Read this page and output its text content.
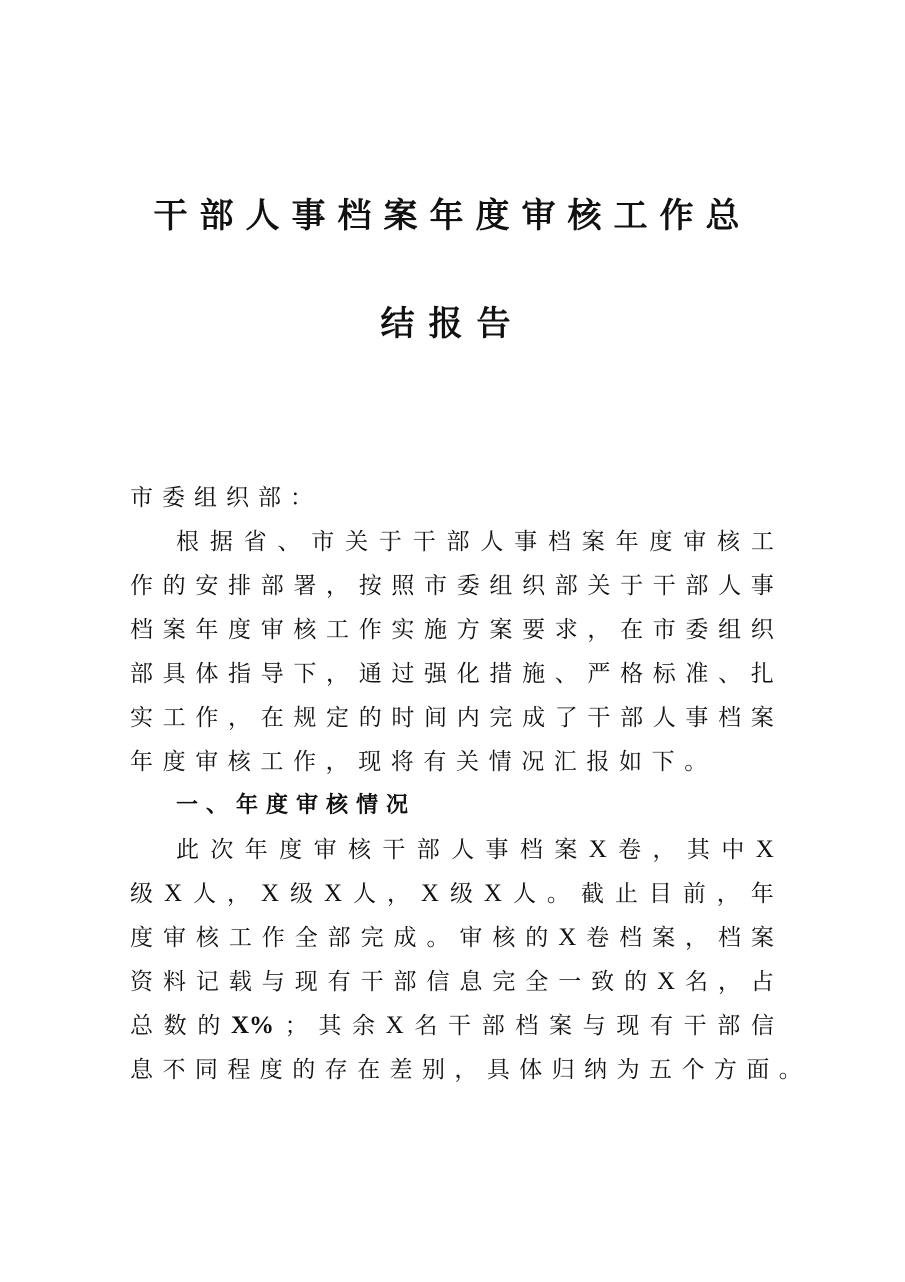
干部人事档案年度审核工作总
结报告
市委组织部：
根 据 省 、 市 关 于 干 部 人 事 档 案 年 度 审 核 工
作 的 安 排 部 署 ， 按 照 市 委 组 织 部 关 于 干 部 人 事
档 案 年 度 审 核 工 作 实 施 方 案 要 求 ， 在 市 委 组 织
部 具 体 指 导 下 ， 通 过 强 化 措 施 、 严 格 标 准 、 扎
实 工 作 ， 在 规 定 的 时 间 内 完 成 了 干 部 人 事 档 案
年度审核工作，现将有关情况汇报如下。
一、年度审核情况
此 次 年 度 审 核 干 部 人 事 档 案 X 卷 ， 其 中 X
级 X 人 ， X 级 X 人 ， X 级 X 人 。 截 止 目 前 ， 年
度 审 核 工 作 全 部 完 成 。 审 核 的 X 卷 档 案 ， 档 案
资 料 记 载 与 现 有 干 部 信 息 完 全 一 致 的 X 名 ， 占
总 数 的 X% ； 其 余 X 名 干 部 档 案 与 现 有 干 部 信
息 不 同 程 度 的 存 在 差 别 ， 具 体 归 纳 为 五 个 方 面 。
